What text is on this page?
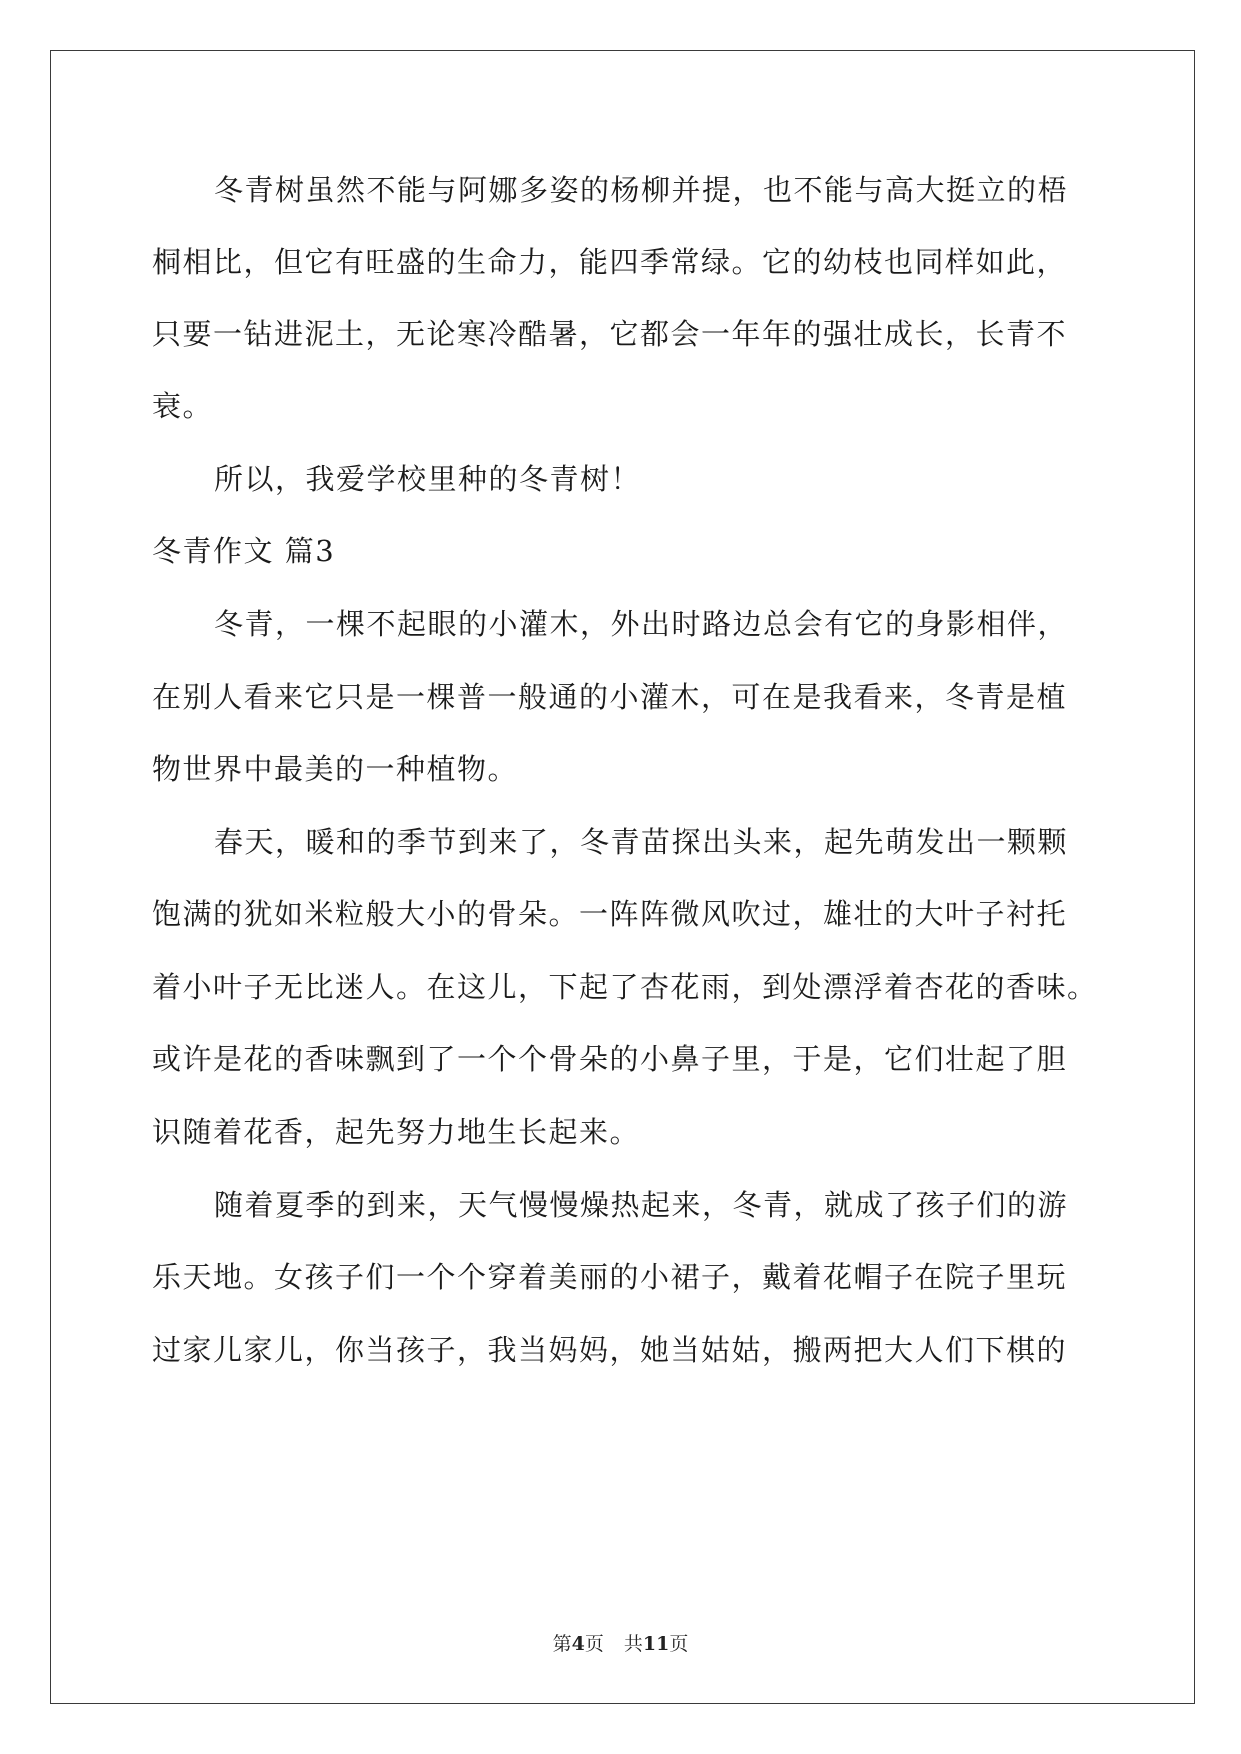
冬青树虽然不能与阿娜多姿的杨柳并提，也不能与高大挺立的梧
桐相比，但它有旺盛的生命力，能四季常绿。它的幼枝也同样如此，
只要一钻进泥土，无论寒冷酷暑，它都会一年年的强壮成长，长青不
衰。
所以，我爱学校里种的冬青树！
冬青作文 篇3
冬青，一棵不起眼的小灌木，外出时路边总会有它的身影相伴，
在别人看来它只是一棵普一般通的小灌木，可在是我看来，冬青是植
物世界中最美的一种植物。
春天，暖和的季节到来了，冬青苗探出头来，起先萌发出一颗颗
饱满的犹如米粒般大小的骨朵。一阵阵微风吹过，雄壮的大叶子衬托
着小叶子无比迷人。在这儿，下起了杏花雨，到处漂浮着杏花的香味。
或许是花的香味飘到了一个个骨朵的小鼻子里，于是，它们壮起了胆
识随着花香，起先努力地生长起来。
随着夏季的到来，天气慢慢燥热起来，冬青，就成了孩子们的游
乐天地。女孩子们一个个穿着美丽的小裙子，戴着花帽子在院子里玩
过家儿家儿，你当孩子，我当妈妈，她当姑姑，搬两把大人们下棋的
第4页 共11页
